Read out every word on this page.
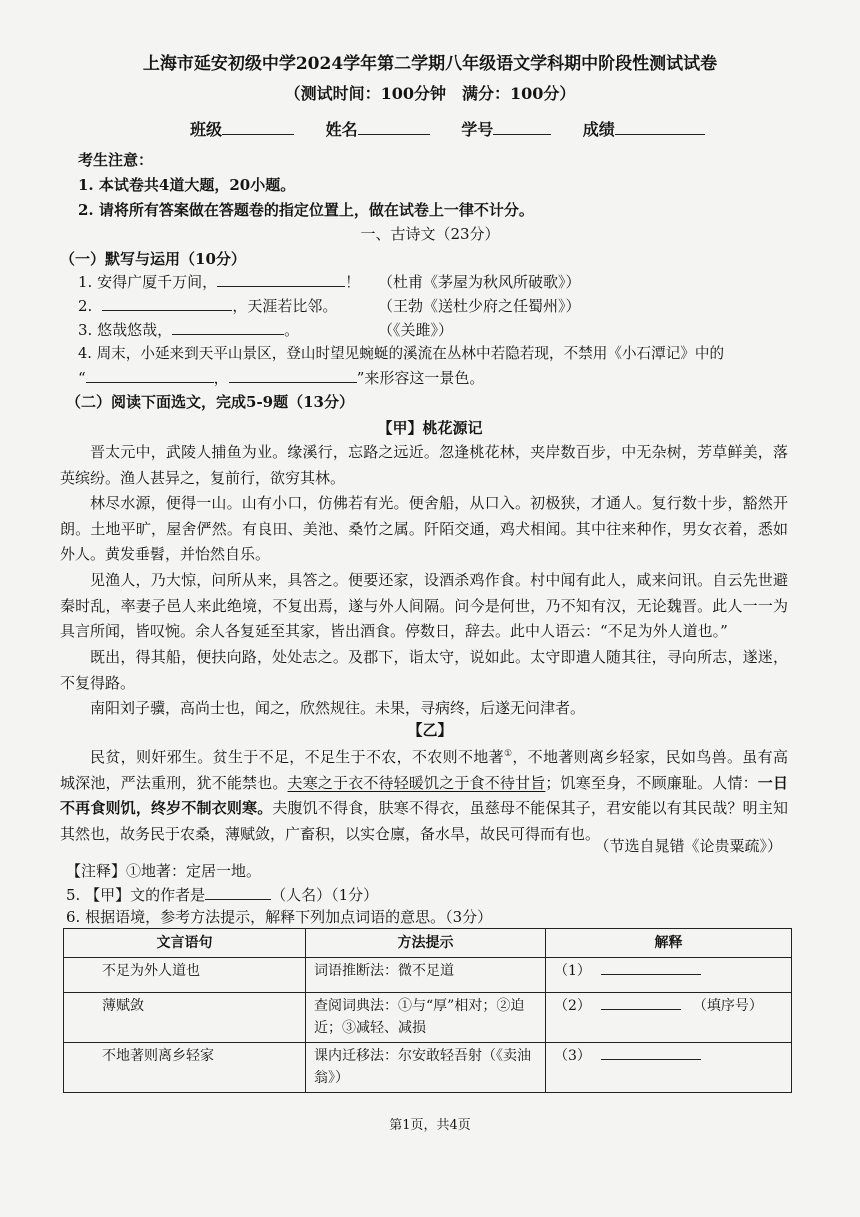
上海市延安初级中学2024学年第二学期八年级语文学科期中阶段性测试试卷
（测试时间：100分钟　满分：100分）
班级	姓名	学号	成绩
考生注意：
1. 本试卷共4道大题，20小题。
2. 请将所有答案做在答题卷的指定位置上，做在试卷上一律不计分。
一、古诗文（23分）
（一）默写与运用（10分）
1. 安得广厦千万间，	！ （杜甫《茅屋为秋风所破歌》）
2.	，天涯若比邻。	（王勃《送杜少府之任蜀州》）
3. 悠哉悠哉，	。	（《关雎》）
4. 周末，小延来到天平山景区，登山时望见蜿蜒的溪流在丛林中若隐若现，不禁用《小石潭记》中的
“	，	”来形容这一景色。
（二）阅读下面选文，完成5-9题（13分）
【甲】桃花源记
晋太元中，武陵人捕鱼为业。缘溪行，忘路之远近。忽逢桃花林，夹岸数百步，中无杂树，芳草鲜美，落英缤纷。渔人甚异之，复前行，欲穷其林。
林尽水源，便得一山。山有小口，仿佛若有光。便舍船，从口入。初极狭，才通人。复行数十步，豁然开朗。土地平旷，屋舍俨然。有良田、美池、桑竹之属。阡陌交通，鸡犬相闻。其中往来种作，男女衣着，悉如外人。黄发垂髫，并怡然自乐。
见渔人，乃大惊，问所从来，具答之。便要还家，设酒杀鸡作食。村中闻有此人，咸来问讯。自云先世避秦时乱，率妻子邑人来此绝境，不复出焉，遂与外人间隔。问今是何世，乃不知有汉，无论魏晋。此人一一为具言所闻，皆叹惋。余人各复延至其家，皆出酒食。停数日，辞去。此中人语云：“不足为外人道也。”
既出，得其船，便扶向路，处处志之。及郡下，诣太守，说如此。太守即遣人随其往，寻向所志，遂迷，不复得路。
南阳刘子骥，高尚士也，闻之，欣然规往。未果，寻病终，后遂无问津者。
【乙】
民贫，则奸邪生。贫生于不足，不足生于不农，不农则不地著①，不地著则离乡轻家，民如鸟兽。虽有高城深池，严法重刑，犹不能禁也。夫寒之于衣不待轻暖饥之于食不待甘旨；饥寒至身，不顾廉耻。人情：一日不再食则饥，终岁不制衣则寒。夫腹饥不得食，肤寒不得衣，虽慈母不能保其子，君安能以有其民哉？明主知其然也，故务民于农桑，薄赋敛，广畜积，以实仓廪，备水旱，故民可得而有也。
（节选自晁错《论贵粟疏》）
【注释】①地著：定居一地。
5. 【甲】文的作者是	（人名）（1分）
6. 根据语境，参考方法提示，解释下列加点词语的意思。（3分）
文言语句	方法提示	解释
不足为外人道也	词语推断法：微不足道	（1）
薄赋敛	查阅词典法：①与“厚”相对；②迫近；③减轻、减损	（2） （填序号）
不地著则离乡轻家	课内迁移法：尔安敢轻吾射（《卖油翁》）	（3）
第1页，共4页
